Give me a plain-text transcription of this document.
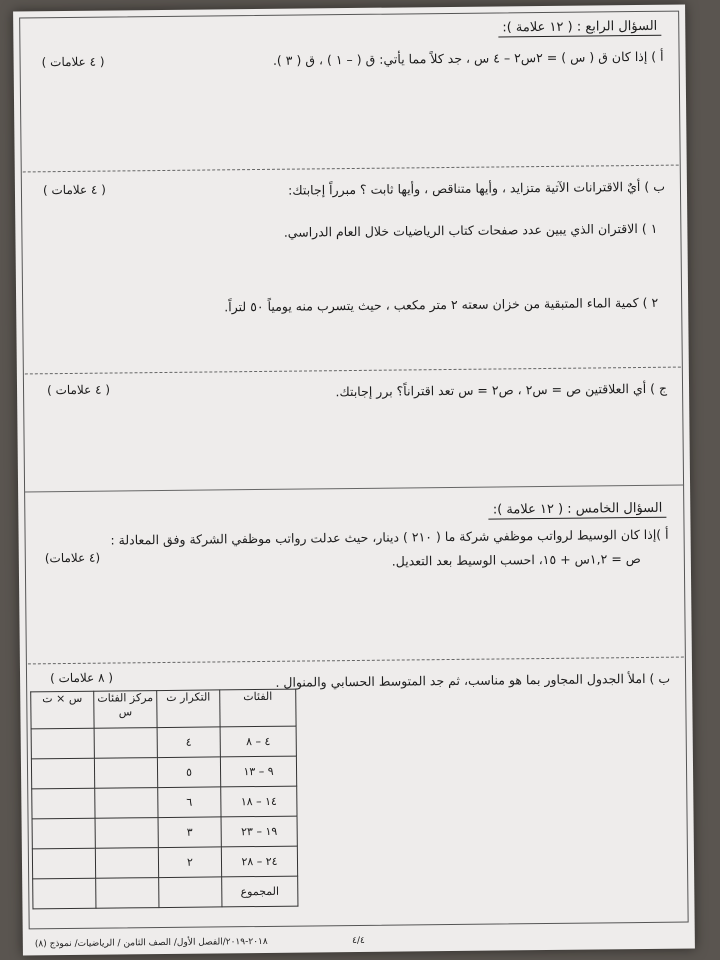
السؤال الرابع : ( ١٢ علامة ):
أ ) إذا كان ق ( س ) = ٢س٢ – ٤ س ، جد كلاً مما يأتي: ق ( – ١ ) ، ق ( ٣ ).
( ٤ علامات )
ب ) أيٌ الاقترانات الآتية متزايد ، وأيها متناقص ، وأيها ثابت ؟ مبرراً إجابتك:
( ٤ علامات )
١ ) الاقتران الذي يبين عدد صفحات كتاب الرياضيات خلال العام الدراسي.
٢ ) كمية الماء المتبقية من خزان سعته ٢ متر مكعب ، حيث يتسرب منه يومياً ٥٠ لتراً.
ج ) أي العلاقتين ص = س٢ ، ص٢ = س تعد اقتراناً؟ برر إجابتك.
( ٤ علامات )
السؤال الخامس : ( ١٢ علامة ):
أ )إذا كان الوسيط لرواتب موظفي شركة ما ( ٢١٠ ) دينار، حيث عدلت رواتب موظفي الشركة وفق المعادلة :
ص = ١,٢س + ١٥، احسب الوسيط بعد التعديل.
(٤ علامات)
ب ) املأ الجدول المجاور بما هو مناسب، ثم جد المتوسط الحسابي والمنوال .
( ٨ علامات )
الفئات	التكرار ت	مركز الفئات س	س × ت
٤ – ٨	٤		
٩ – ١٣	٥		
١٤ – ١٨	٦		
١٩ – ٢٣	٣		
٢٤ – ٢٨	٢		
المجموع			
٤/٤
٢٠١٨-٢٠١٩/الفصل الأول/ الصف الثامن / الرياضيات/ نموذج (٨)
